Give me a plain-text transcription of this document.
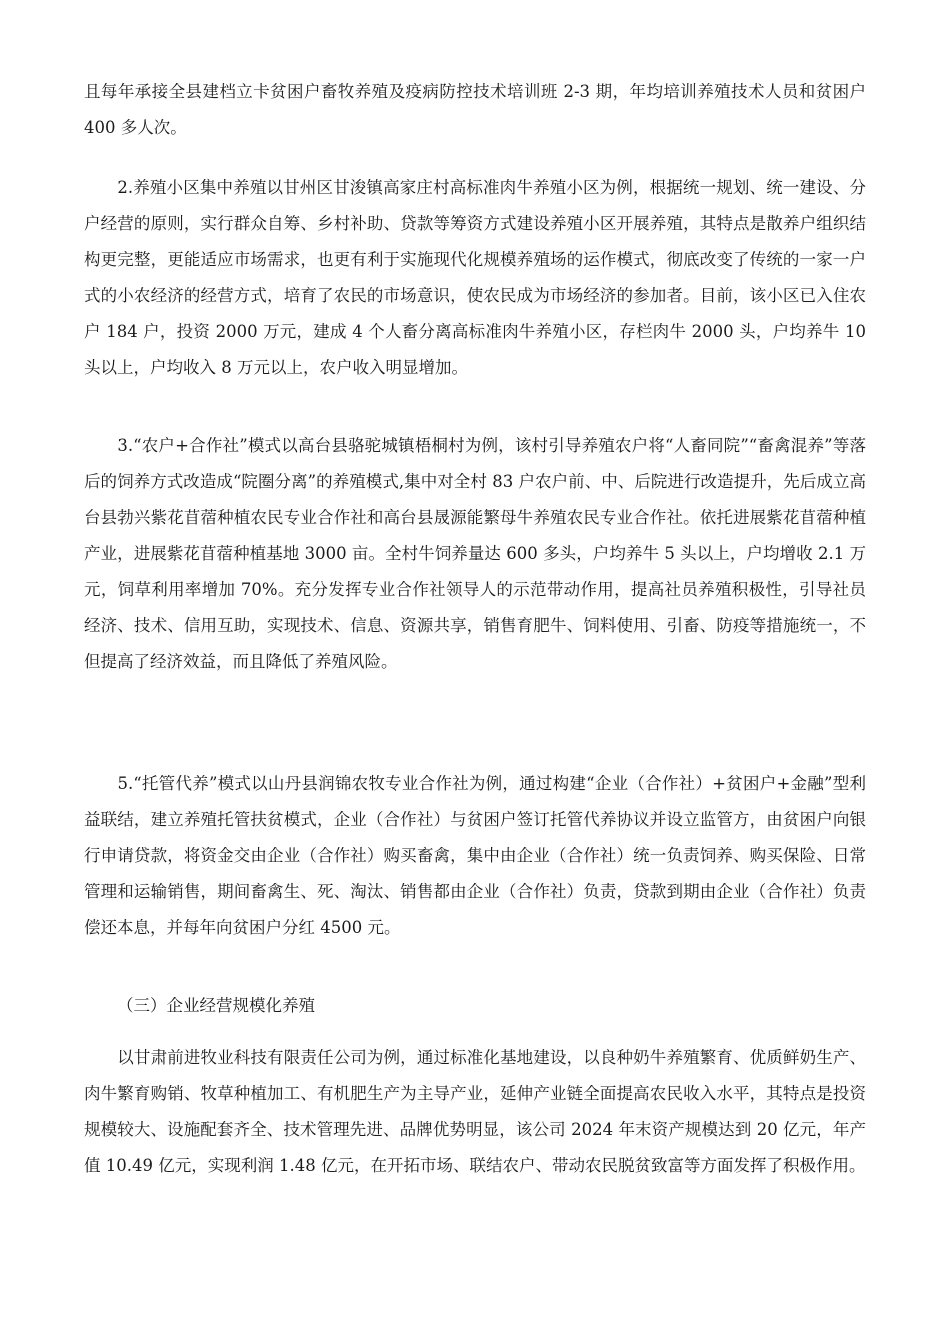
且每年承接全县建档立卡贫困户畜牧养殖及疫病防控技术培训班 2-3 期，年均培训养殖技术人员和贫困户 400 多人次。

　　2.养殖小区集中养殖以甘州区甘浚镇高家庄村高标准肉牛养殖小区为例，根据统一规划、统一建设、分户经营的原则，实行群众自筹、乡村补助、贷款等筹资方式建设养殖小区开展养殖，其特点是散养户组织结构更完整，更能适应市场需求，也更有利于实施现代化规模养殖场的运作模式，彻底改变了传统的一家一户式的小农经济的经营方式，培育了农民的市场意识，使农民成为市场经济的参加者。目前，该小区已入住农户 184 户，投资 2000 万元，建成 4 个人畜分离高标准肉牛养殖小区，存栏肉牛 2000 头，户均养牛 10 头以上，户均收入 8 万元以上，农户收入明显增加。

　　3.“农户+合作社”模式以高台县骆驼城镇梧桐村为例，该村引导养殖农户将“人畜同院”“畜禽混养”等落后的饲养方式改造成“院圈分离”的养殖模式,集中对全村 83 户农户前、中、后院进行改造提升，先后成立高台县勃兴紫花苜蓿种植农民专业合作社和高台县晟源能繁母牛养殖农民专业合作社。依托进展紫花苜蓿种植产业，进展紫花苜蓿种植基地 3000 亩。全村牛饲养量达 600 多头，户均养牛 5 头以上，户均增收 2.1 万元，饲草利用率增加 70%。充分发挥专业合作社领导人的示范带动作用，提高社员养殖积极性，引导社员经济、技术、信用互助，实现技术、信息、资源共享，销售育肥牛、饲料使用、引畜、防疫等措施统一，不但提高了经济效益，而且降低了养殖风险。

　　5.“托管代养”模式以山丹县润锦农牧专业合作社为例，通过构建“企业（合作社）+贫困户+金融”型利益联结，建立养殖托管扶贫模式，企业（合作社）与贫困户签订托管代养协议并设立监管方，由贫困户向银行申请贷款，将资金交由企业（合作社）购买畜禽，集中由企业（合作社）统一负责饲养、购买保险、日常管理和运输销售，期间畜禽生、死、淘汰、销售都由企业（合作社）负责，贷款到期由企业（合作社）负责偿还本息，并每年向贫困户分红 4500 元。

（三）企业经营规模化养殖

　　以甘肃前进牧业科技有限责任公司为例，通过标准化基地建设，以良种奶牛养殖繁育、优质鲜奶生产、肉牛繁育购销、牧草种植加工、有机肥生产为主导产业，延伸产业链全面提高农民收入水平，其特点是投资规模较大、设施配套齐全、技术管理先进、品牌优势明显，该公司 2024 年末资产规模达到 20 亿元，年产值 10.49 亿元，实现利润 1.48 亿元，在开拓市场、联结农户、带动农民脱贫致富等方面发挥了积极作用。
